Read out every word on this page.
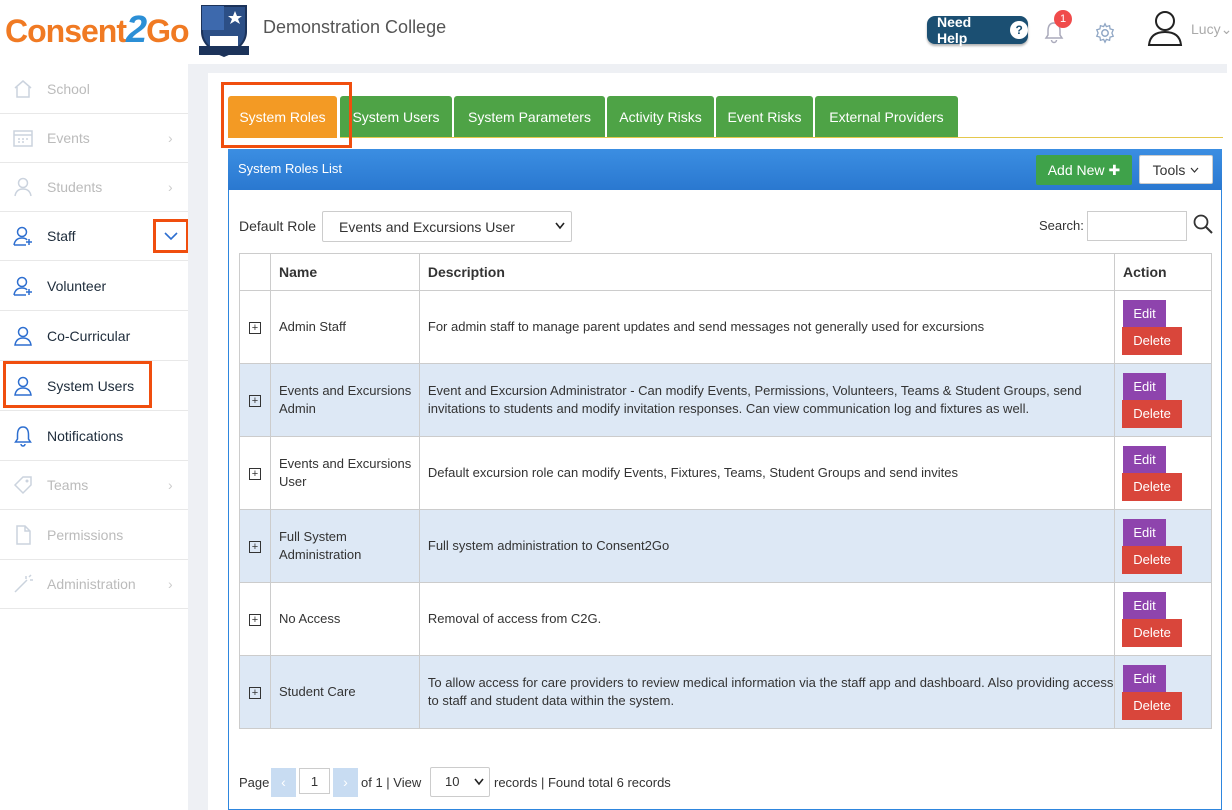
Consent2Go	Demonstration College	Need Help	?
1
Lucy⌄
School
Events	›
Students	›
Staff
Volunteer
Co-Curricular
System Users
Notifications
Teams	›
Permissions
Administration ›
System Roles	System Users	System Parameters	Activity Risks	Event Risks	External Providers
System Roles List	Add New ✚ Tools
Default Role Events and Excursions User	Search:
	Name	Description	Action
+	Admin Staff	For admin staff to manage parent updates and send messages not generally used for excursions	Edit
Delete

+	Events and Excursions Admin	Event and Excursion Administrator - Can modify Events, Permissions, Volunteers, Teams & Student Groups, send invitations to students and modify invitation responses. Can view communication log and fixtures as well.	Edit
Delete

+	Events and Excursions User	Default excursion role can modify Events, Fixtures, Teams, Student Groups and send invites	Edit
Delete

+	Full System Administration	Full system administration to Consent2Go	Edit
Delete

+	No Access	Removal of access from C2G.	Edit
Delete

+	Student Care	To allow access for care providers to review medical information via the staff app and dashboard. Also providing access to staff and student data within the system.	Edit
Delete
Page ‹	1	›	of 1 | View	10	records | Found total 6 records
